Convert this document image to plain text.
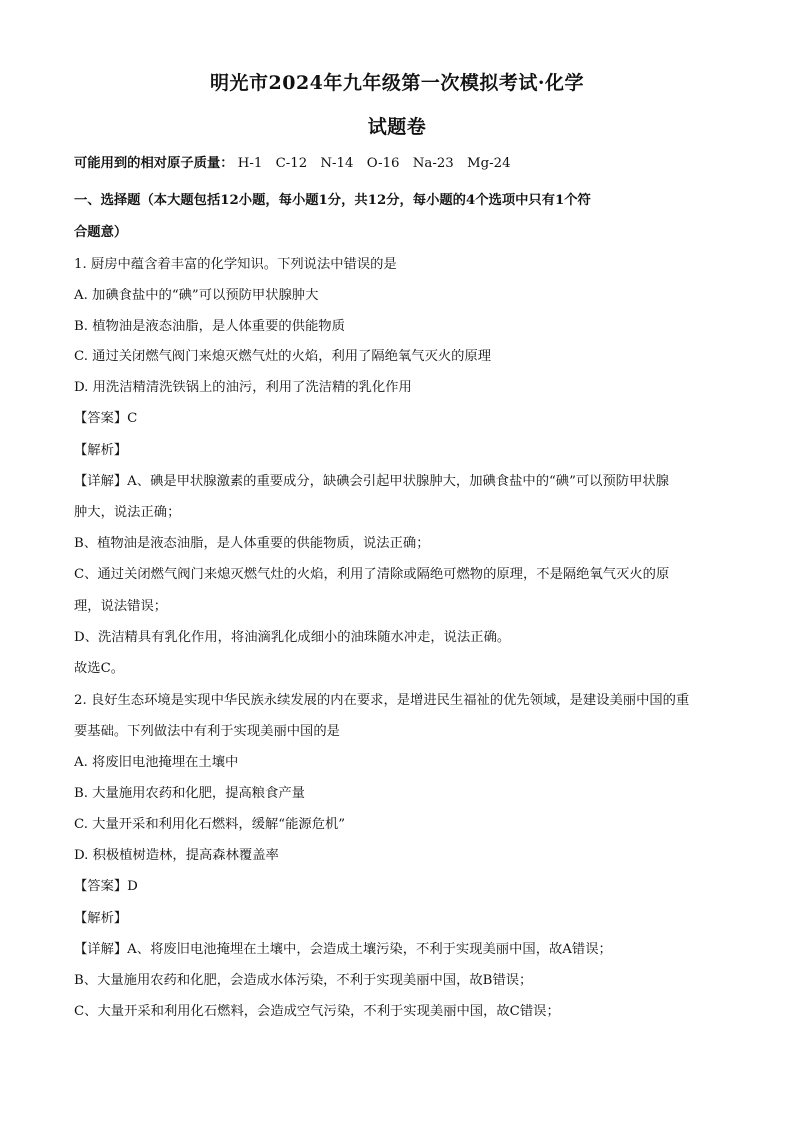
明光市2024年九年级第一次模拟考试·化学
试题卷
可能用到的相对原子质量： H-1 C-12 N-14 O-16 Na-23 Mg-24
一、选择题（本大题包括12小题，每小题1分，共12分，每小题的4个选项中只有1个符
合题意）
1. 厨房中蕴含着丰富的化学知识。下列说法中错误的是
A. 加碘食盐中的“碘”可以预防甲状腺肿大
B. 植物油是液态油脂，是人体重要的供能物质
C. 通过关闭燃气阀门来熄灭燃气灶的火焰，利用了隔绝氧气灭火的原理
D. 用洗洁精清洗铁锅上的油污，利用了洗洁精的乳化作用
【答案】C
【解析】
【详解】A、碘是甲状腺激素的重要成分，缺碘会引起甲状腺肿大，加碘食盐中的“碘”可以预防甲状腺
肿大，说法正确；
B、植物油是液态油脂，是人体重要的供能物质，说法正确；
C、通过关闭燃气阀门来熄灭燃气灶的火焰，利用了清除或隔绝可燃物的原理，不是隔绝氧气灭火的原
理，说法错误；
D、洗洁精具有乳化作用，将油滴乳化成细小的油珠随水冲走，说法正确。
故选C。
2. 良好生态环境是实现中华民族永续发展的内在要求，是增进民生福祉的优先领域，是建设美丽中国的重
要基础。下列做法中有利于实现美丽中国的是
A. 将废旧电池掩埋在土壤中
B. 大量施用农药和化肥，提高粮食产量
C. 大量开采和利用化石燃料，缓解“能源危机”
D. 积极植树造林，提高森林覆盖率
【答案】D
【解析】
【详解】A、将废旧电池掩埋在土壤中，会造成土壤污染，不利于实现美丽中国，故A错误；
B、大量施用农药和化肥，会造成水体污染，不利于实现美丽中国，故B错误；
C、大量开采和利用化石燃料，会造成空气污染，不利于实现美丽中国，故C错误；
